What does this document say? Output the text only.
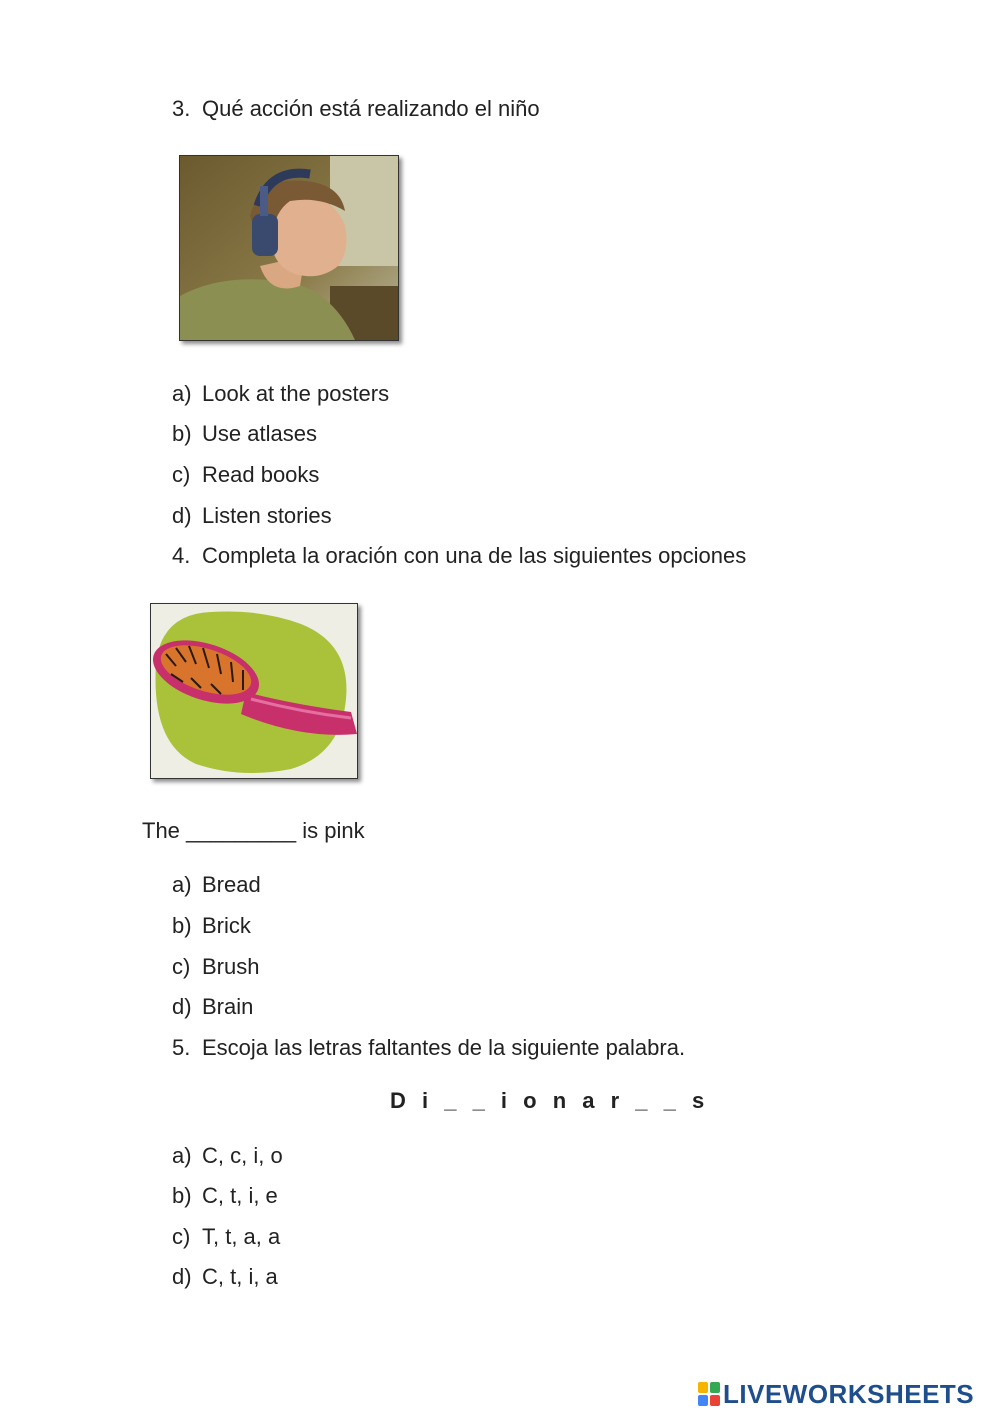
3. Qué acción está realizando el niño
a) Look at the posters
b) Use atlases
c) Read books
d) Listen stories
4. Completa la oración con una de las siguientes opciones
The _________ is pink
a) Bread
b) Brick
c) Brush
d) Brain
5. Escoja las letras faltantes de la siguiente palabra.
D i _ _ i o n a r _ _ s
a) C, c, i, o
b) C, t, i, e
c) T, t, a, a
d) C, t, i, a
LIVEWORKSHEETS
